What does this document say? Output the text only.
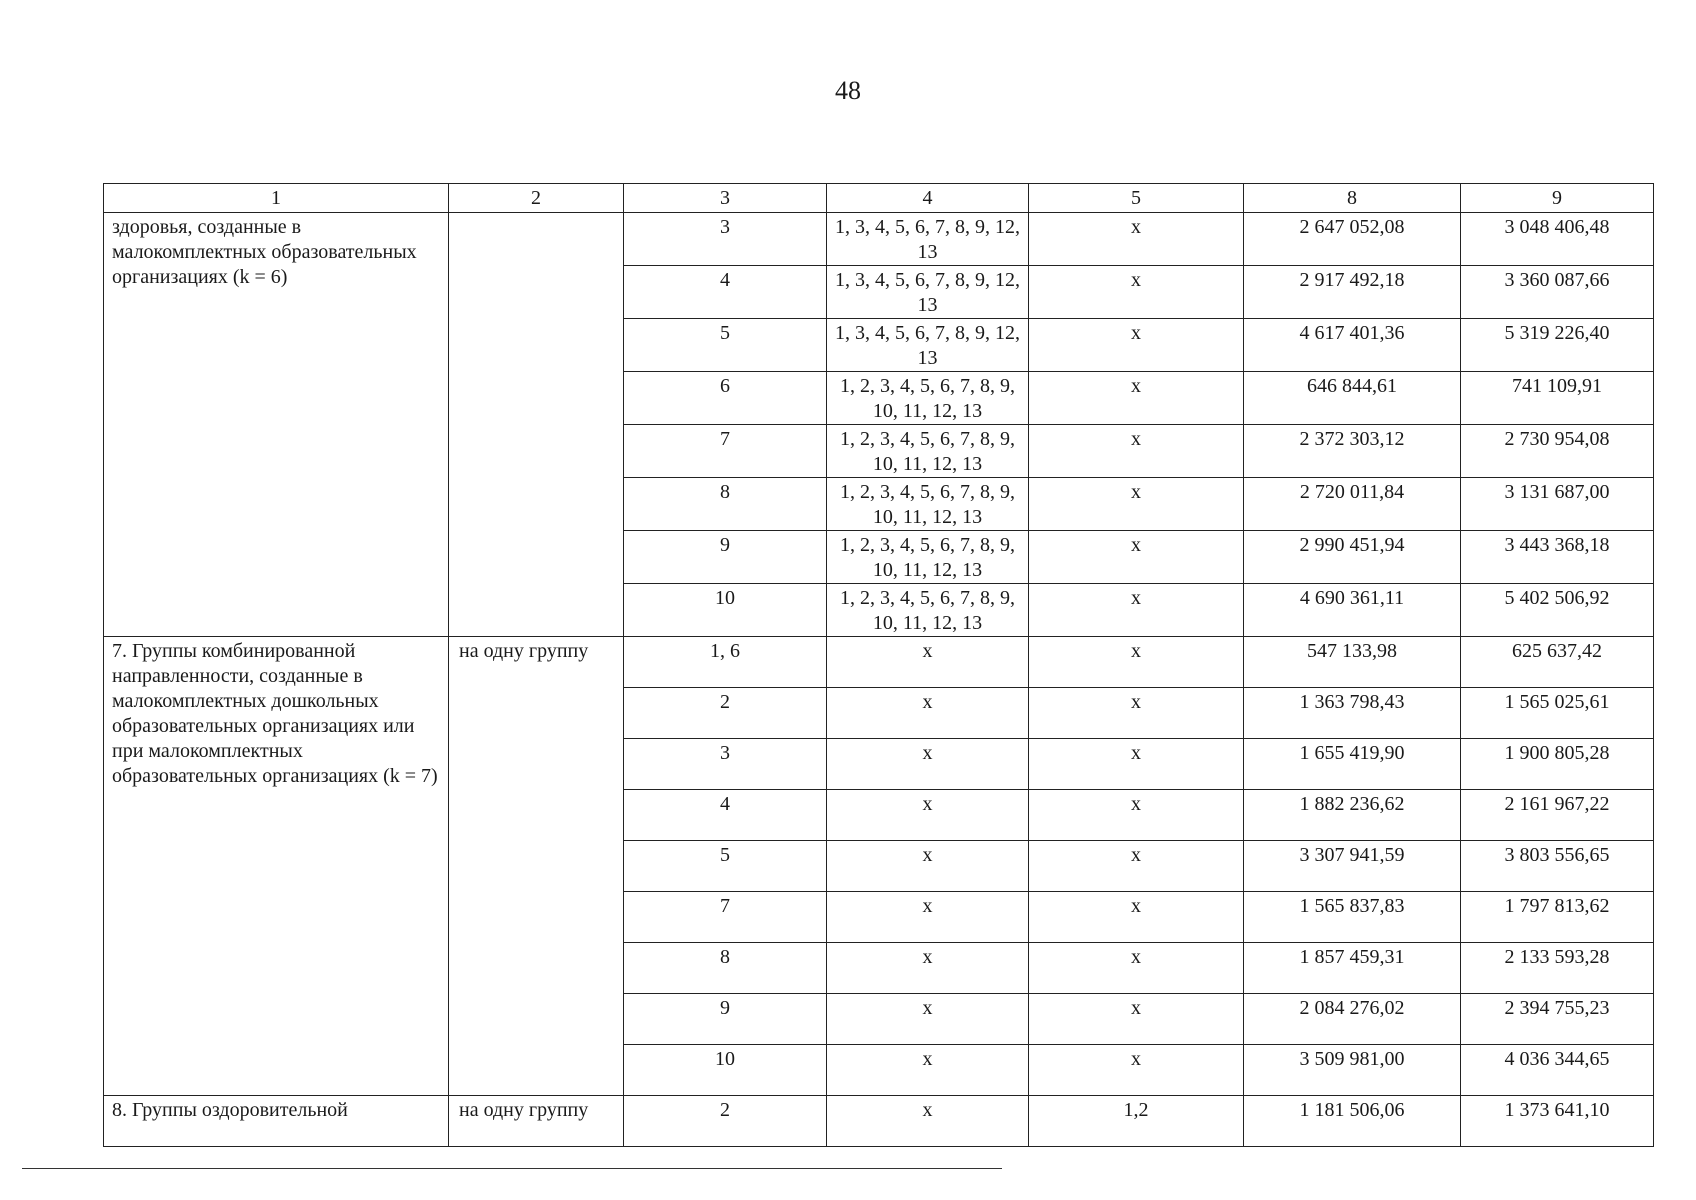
48
1	2	3	4	5	8	9
здоровья, созданные в малокомплектных образовательных организациях (k = 6)		3	1, 3, 4, 5, 6, 7, 8, 9, 12, 13	х	2 647 052,08	3 048 406,48
		4	1, 3, 4, 5, 6, 7, 8, 9, 12, 13	х	2 917 492,18	3 360 087,66
		5	1, 3, 4, 5, 6, 7, 8, 9, 12, 13	х	4 617 401,36	5 319 226,40
		6	1, 2, 3, 4, 5, 6, 7, 8, 9, 10, 11, 12, 13	х	646 844,61	741 109,91
		7	1, 2, 3, 4, 5, 6, 7, 8, 9, 10, 11, 12, 13	х	2 372 303,12	2 730 954,08
		8	1, 2, 3, 4, 5, 6, 7, 8, 9, 10, 11, 12, 13	х	2 720 011,84	3 131 687,00
		9	1, 2, 3, 4, 5, 6, 7, 8, 9, 10, 11, 12, 13	х	2 990 451,94	3 443 368,18
		10	1, 2, 3, 4, 5, 6, 7, 8, 9, 10, 11, 12, 13	х	4 690 361,11	5 402 506,92
7. Группы комбинированной направленности, созданные в малокомплектных дошкольных образовательных организациях или при малокомплектных образовательных организациях (k = 7)	на одну группу	1, 6	х	х	547 133,98	625 637,42
		2	х	х	1 363 798,43	1 565 025,61
		3	х	х	1 655 419,90	1 900 805,28
		4	х	х	1 882 236,62	2 161 967,22
		5	х	х	3 307 941,59	3 803 556,65
		7	х	х	1 565 837,83	1 797 813,62
		8	х	х	1 857 459,31	2 133 593,28
		9	х	х	2 084 276,02	2 394 755,23
		10	х	х	3 509 981,00	4 036 344,65
8. Группы оздоровительной	на одну группу	2	х	1,2	1 181 506,06	1 373 641,10
